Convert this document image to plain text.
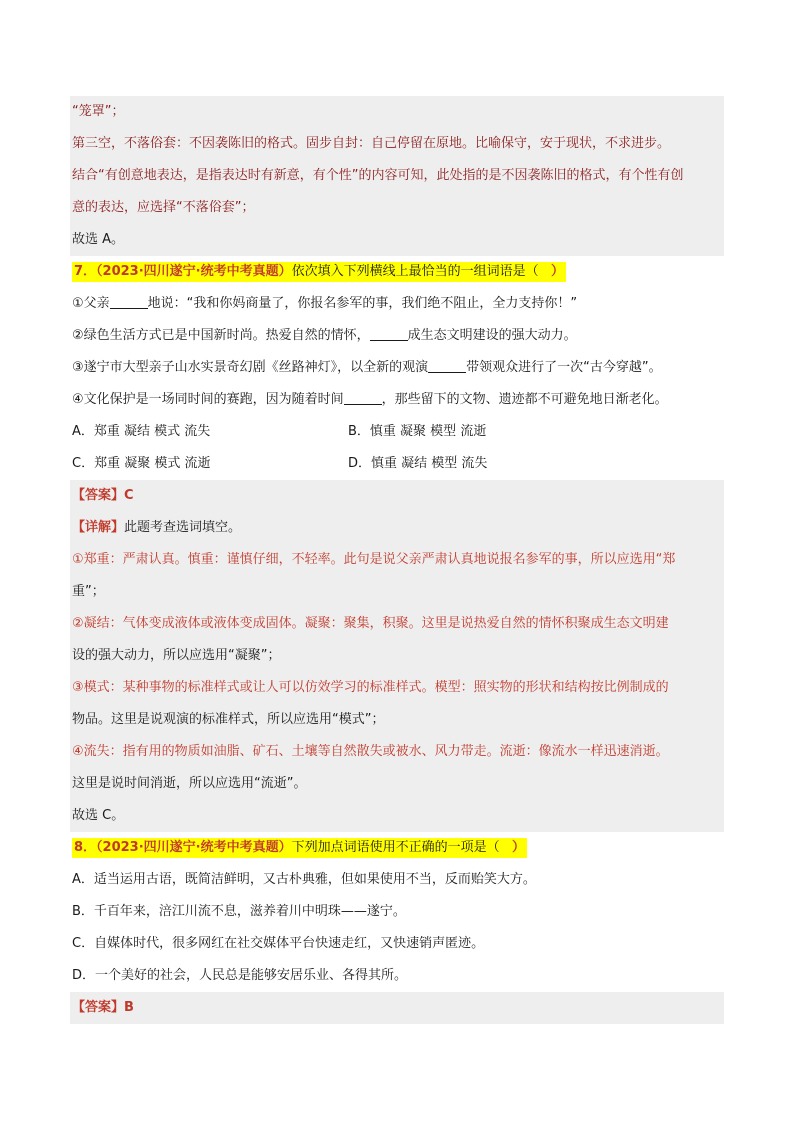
“笼罩”；
第三空，不落俗套：不因袭陈旧的格式。固步自封：自己停留在原地。比喻保守，安于现状，不求进步。
结合“有创意地表达，是指表达时有新意，有个性”的内容可知，此处指的是不因袭陈旧的格式，有个性有创
意的表达，应选择“不落俗套”；
故选 A。
7．（2023·四川遂宁·统考中考真题）依次填入下列横线上最恰当的一组词语是（ ）
①父亲	地说：“我和你妈商量了，你报名参军的事，我们绝不阻止，全力支持你！”
②绿色生活方式已是中国新时尚。热爱自然的情怀，	成生态文明建设的强大动力。
③遂宁市大型亲子山水实景奇幻剧《丝路神灯》，以全新的观演	带领观众进行了一次“古今穿越”。
④文化保护是一场同时间的赛跑，因为随着时间	，那些留下的文物、遗迹都不可避免地日渐老化。
A．郑重 凝结 模式 流失	B．慎重 凝聚 模型 流逝
C．郑重 凝聚 模式 流逝	D．慎重 凝结 模型 流失
【答案】C
【详解】此题考查选词填空。
①郑重：严肃认真。慎重：谨慎仔细，不轻率。此句是说父亲严肃认真地说报名参军的事，所以应选用“郑
重”；
②凝结：气体变成液体或液体变成固体。凝聚：聚集，积聚。这里是说热爱自然的情怀积聚成生态文明建
设的强大动力，所以应选用“凝聚”；
③模式：某种事物的标准样式或让人可以仿效学习的标准样式。模型：照实物的形状和结构按比例制成的
物品。这里是说观演的标准样式，所以应选用“模式”；
④流失：指有用的物质如油脂、矿石、土壤等自然散失或被水、风力带走。流逝：像流水一样迅速消逝。
这里是说时间消逝，所以应选用“流逝”。
故选 C。
8．（2023·四川遂宁·统考中考真题）下列加点词语使用不正确的一项是（ ）
A．适当运用古语，既简洁鲜明，又古朴典雅，但如果使用不当，反而贻笑大方。
B．千百年来，涪江川流不息，滋养着川中明珠——遂宁。
C．自媒体时代，很多网红在社交媒体平台快速走红，又快速销声匿迹。
D．一个美好的社会，人民总是能够安居乐业、各得其所。
【答案】B
